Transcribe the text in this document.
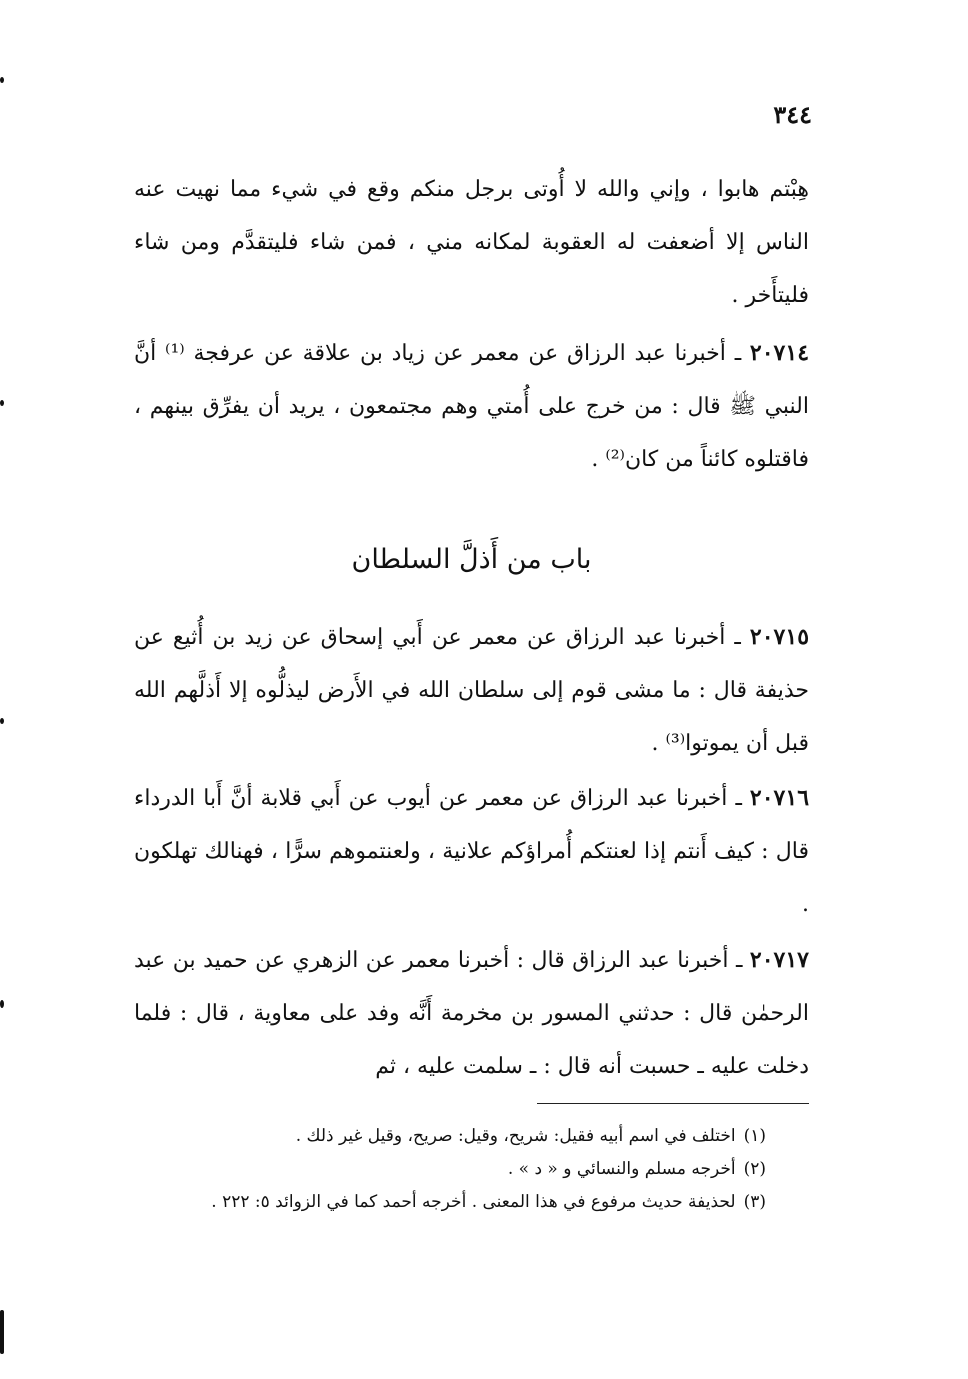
٣٤٤

هِبْتم هابوا ، وإني والله لا أُوتى برجل منكم وقع في شيء مما نهيت عنه الناس إلا أضعفت له العقوبة لمكانه مني ، فمن شاء فليتقدَّم ومن شاء فليتأَخر .

٢٠٧١٤ ـ أخبرنا عبد الرزاق عن معمر عن زياد بن علاقة عن عرفجة ⁽¹⁾ أنَّ النبي ﷺ قال : من خرج على أُمتي وهم مجتمعون ، يريد أن يفرِّق بينهم ، فاقتلوه كائناً من كان⁽²⁾ .

باب من أَذلَّ السلطان

٢٠٧١٥ ـ أخبرنا عبد الرزاق عن معمر عن أَبي إسحاق عن زيد بن أُثيع عن حذيفة قال : ما مشى قوم إلى سلطان الله في الأَرض ليذلُّوه إلا أَذلَّهم الله قبل أن يموتوا⁽³⁾ .

٢٠٧١٦ ـ أخبرنا عبد الرزاق عن معمر عن أيوب عن أَبي قلابة أنَّ أَبا الدرداء قال : كيف أَنتم إذا لعنتكم أُمراؤكم علانية ، ولعنتموهم سرًّا ، فهنالك تهلكون .

٢٠٧١٧ ـ أخبرنا عبد الرزاق قال : أخبرنا معمر عن الزهري عن حميد بن عبد الرحمٰن قال : حدثني المسور بن مخرمة أَنَّه وفد على معاوية ، قال : فلما دخلت عليه ـ حسبت أنه قال : ـ سلمت عليه ، ثم

(١)اختلف في اسم أبيه فقيل: شريح، وقيل: صريح، وقيل غير ذلك .
(٢)أخرجه مسلم والنسائي و « د » .
(٣)لحذيفة حديث مرفوع في هذا المعنى . أخرجه أحمد كما في الزوائد ٥: ٢٢٢ .
